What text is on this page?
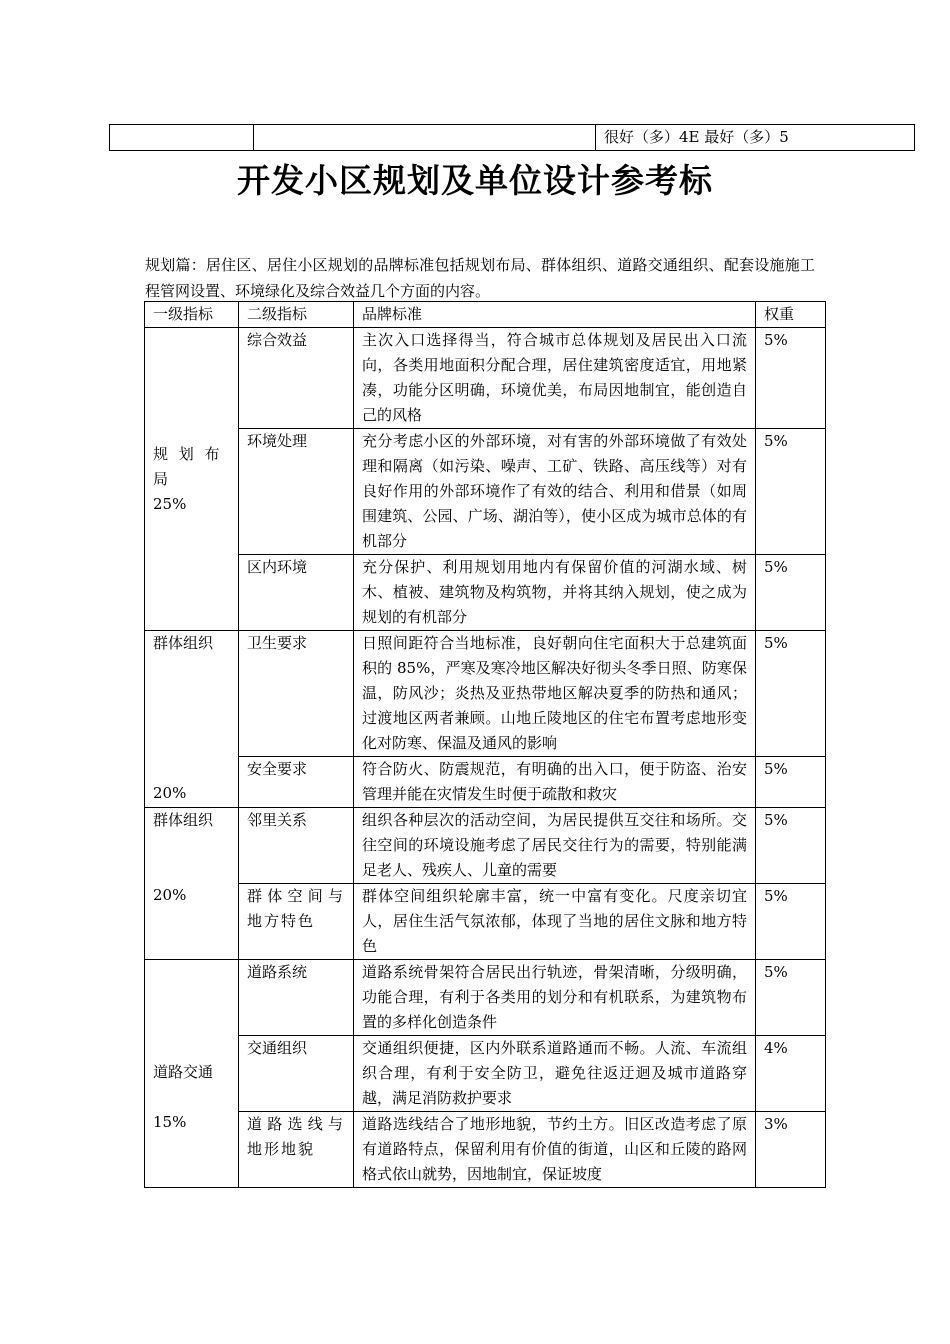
		很好（多）4E 最好（多）5
开发小区规划及单位设计参考标
规划篇：居住区、居住小区规划的品牌标准包括规划布局、群体组织、道路交通组织、配套设施施工程管网设置、环境绿化及综合效益几个方面的内容。
一级指标	二级指标	品牌标准	权重

规 划 布 局
25%	综合效益	主次入口选择得当，符合城市总体规划及居民出入口流向，各类用地面积分配合理，居住建筑密度适宜，用地紧凑，功能分区明确，环境优美，布局因地制宜，能创造自己的风格	5%
	环境处理	充分考虑小区的外部环境，对有害的外部环境做了有效处理和隔离（如污染、噪声、工矿、铁路、高压线等）对有良好作用的外部环境作了有效的结合、利用和借景（如周围建筑、公园、广场、湖泊等），使小区成为城市总体的有机部分	5%
	区内环境	充分保护、利用规划用地内有保留价值的河湖水域、树木、植被、建筑物及构筑物，并将其纳入规划，使之成为规划的有机部分	5%

群体组织
20%	卫生要求	日照间距符合当地标准，良好朝向住宅面积大于总建筑面积的 85%，严寒及寒冷地区解决好彻头冬季日照、防寒保温，防风沙；炎热及亚热带地区解决夏季的防热和通风；过渡地区两者兼顾。山地丘陵地区的住宅布置考虑地形变化对防寒、保温及通风的影响	5%
	安全要求	符合防火、防震规范，有明确的出入口，便于防盗、治安管理并能在灾情发生时便于疏散和救灾	5%

群体组织
20%	邻里关系	组织各种层次的活动空间，为居民提供互交往和场所。交往空间的环境设施考虑了居民交往行为的需要，特别能满足老人、残疾人、儿童的需要	5%
	群体空间与地方特色	群体空间组织轮廓丰富，统一中富有变化。尺度亲切宜人，居住生活气氛浓郁，体现了当地的居住文脉和地方特色	5%

道路交通
15%	道路系统	道路系统骨架符合居民出行轨迹，骨架清晰，分级明确，功能合理，有利于各类用的划分和有机联系，为建筑物布置的多样化创造条件	5%
	交通组织	交通组织便捷，区内外联系道路通而不畅。人流、车流组织合理，有利于安全防卫，避免往返迂迴及城市道路穿越，满足消防救护要求	4%
	道路选线与地形地貌	道路选线结合了地形地貌，节约土方。旧区改造考虑了原有道路特点，保留利用有价值的街道，山区和丘陵的路网格式依山就势，因地制宜，保证坡度	3%
